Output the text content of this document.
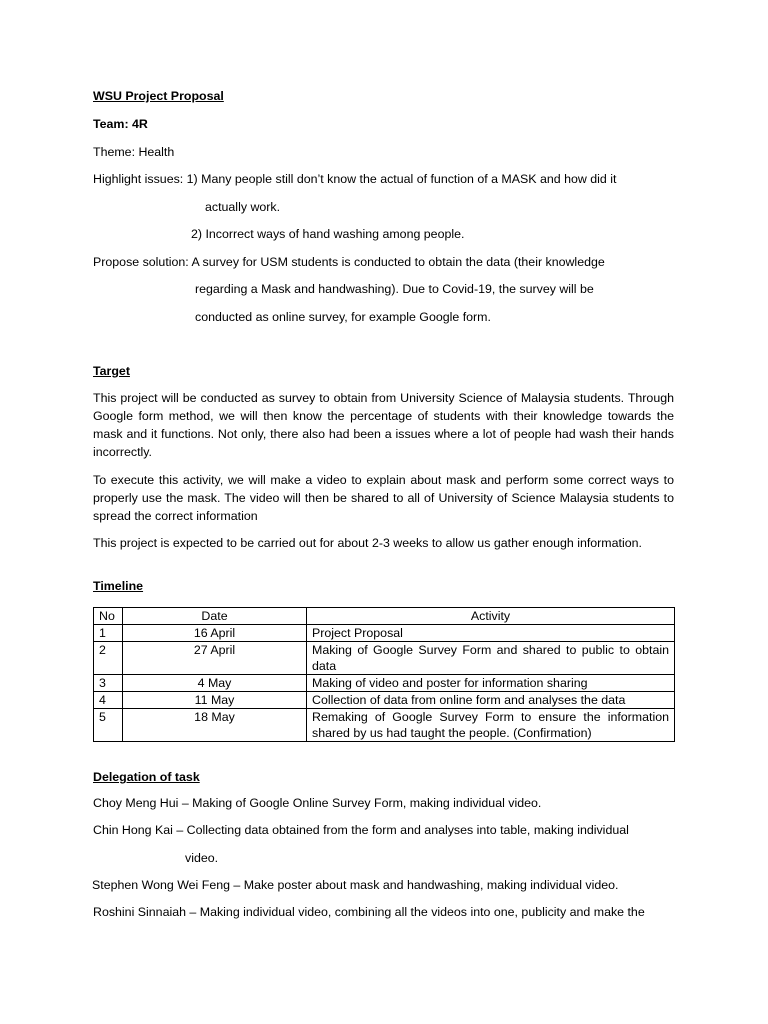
WSU Project Proposal
Team: 4R
Theme: Health
Highlight issues: 1) Many people still don’t know the actual of function of a MASK and how did it
actually work.
2) Incorrect ways of hand washing among people.
Propose solution: A survey for USM students is conducted to obtain the data (their knowledge
regarding a Mask and handwashing). Due to Covid-19, the survey will be
conducted as online survey, for example Google form.
Target
This project will be conducted as survey to obtain from University Science of Malaysia students. Through Google form method, we will then know the percentage of students with their knowledge towards the mask and it functions. Not only, there also had been a issues where a lot of people had wash their hands incorrectly.
To execute this activity, we will make a video to explain about mask and perform some correct ways to properly use the mask. The video will then be shared to all of University of Science Malaysia students to spread the correct information
This project is expected to be carried out for about 2-3 weeks to allow us gather enough information.
Timeline
No	Date	Activity
1	16 April	Project Proposal
2	27 April	Making of Google Survey Form and shared to public to obtain data
3	4 May	Making of video and poster for information sharing
4	11 May	Collection of data from online form and analyses the data
5	18 May	Remaking of Google Survey Form to ensure the information shared by us had taught the people. (Confirmation)
Delegation of task
Choy Meng Hui – Making of Google Online Survey Form, making individual video.
Chin Hong Kai – Collecting data obtained from the form and analyses into table, making individual
video.
Stephen Wong Wei Feng – Make poster about mask and handwashing, making individual video.
Roshini Sinnaiah – Making individual video, combining all the videos into one, publicity and make the
